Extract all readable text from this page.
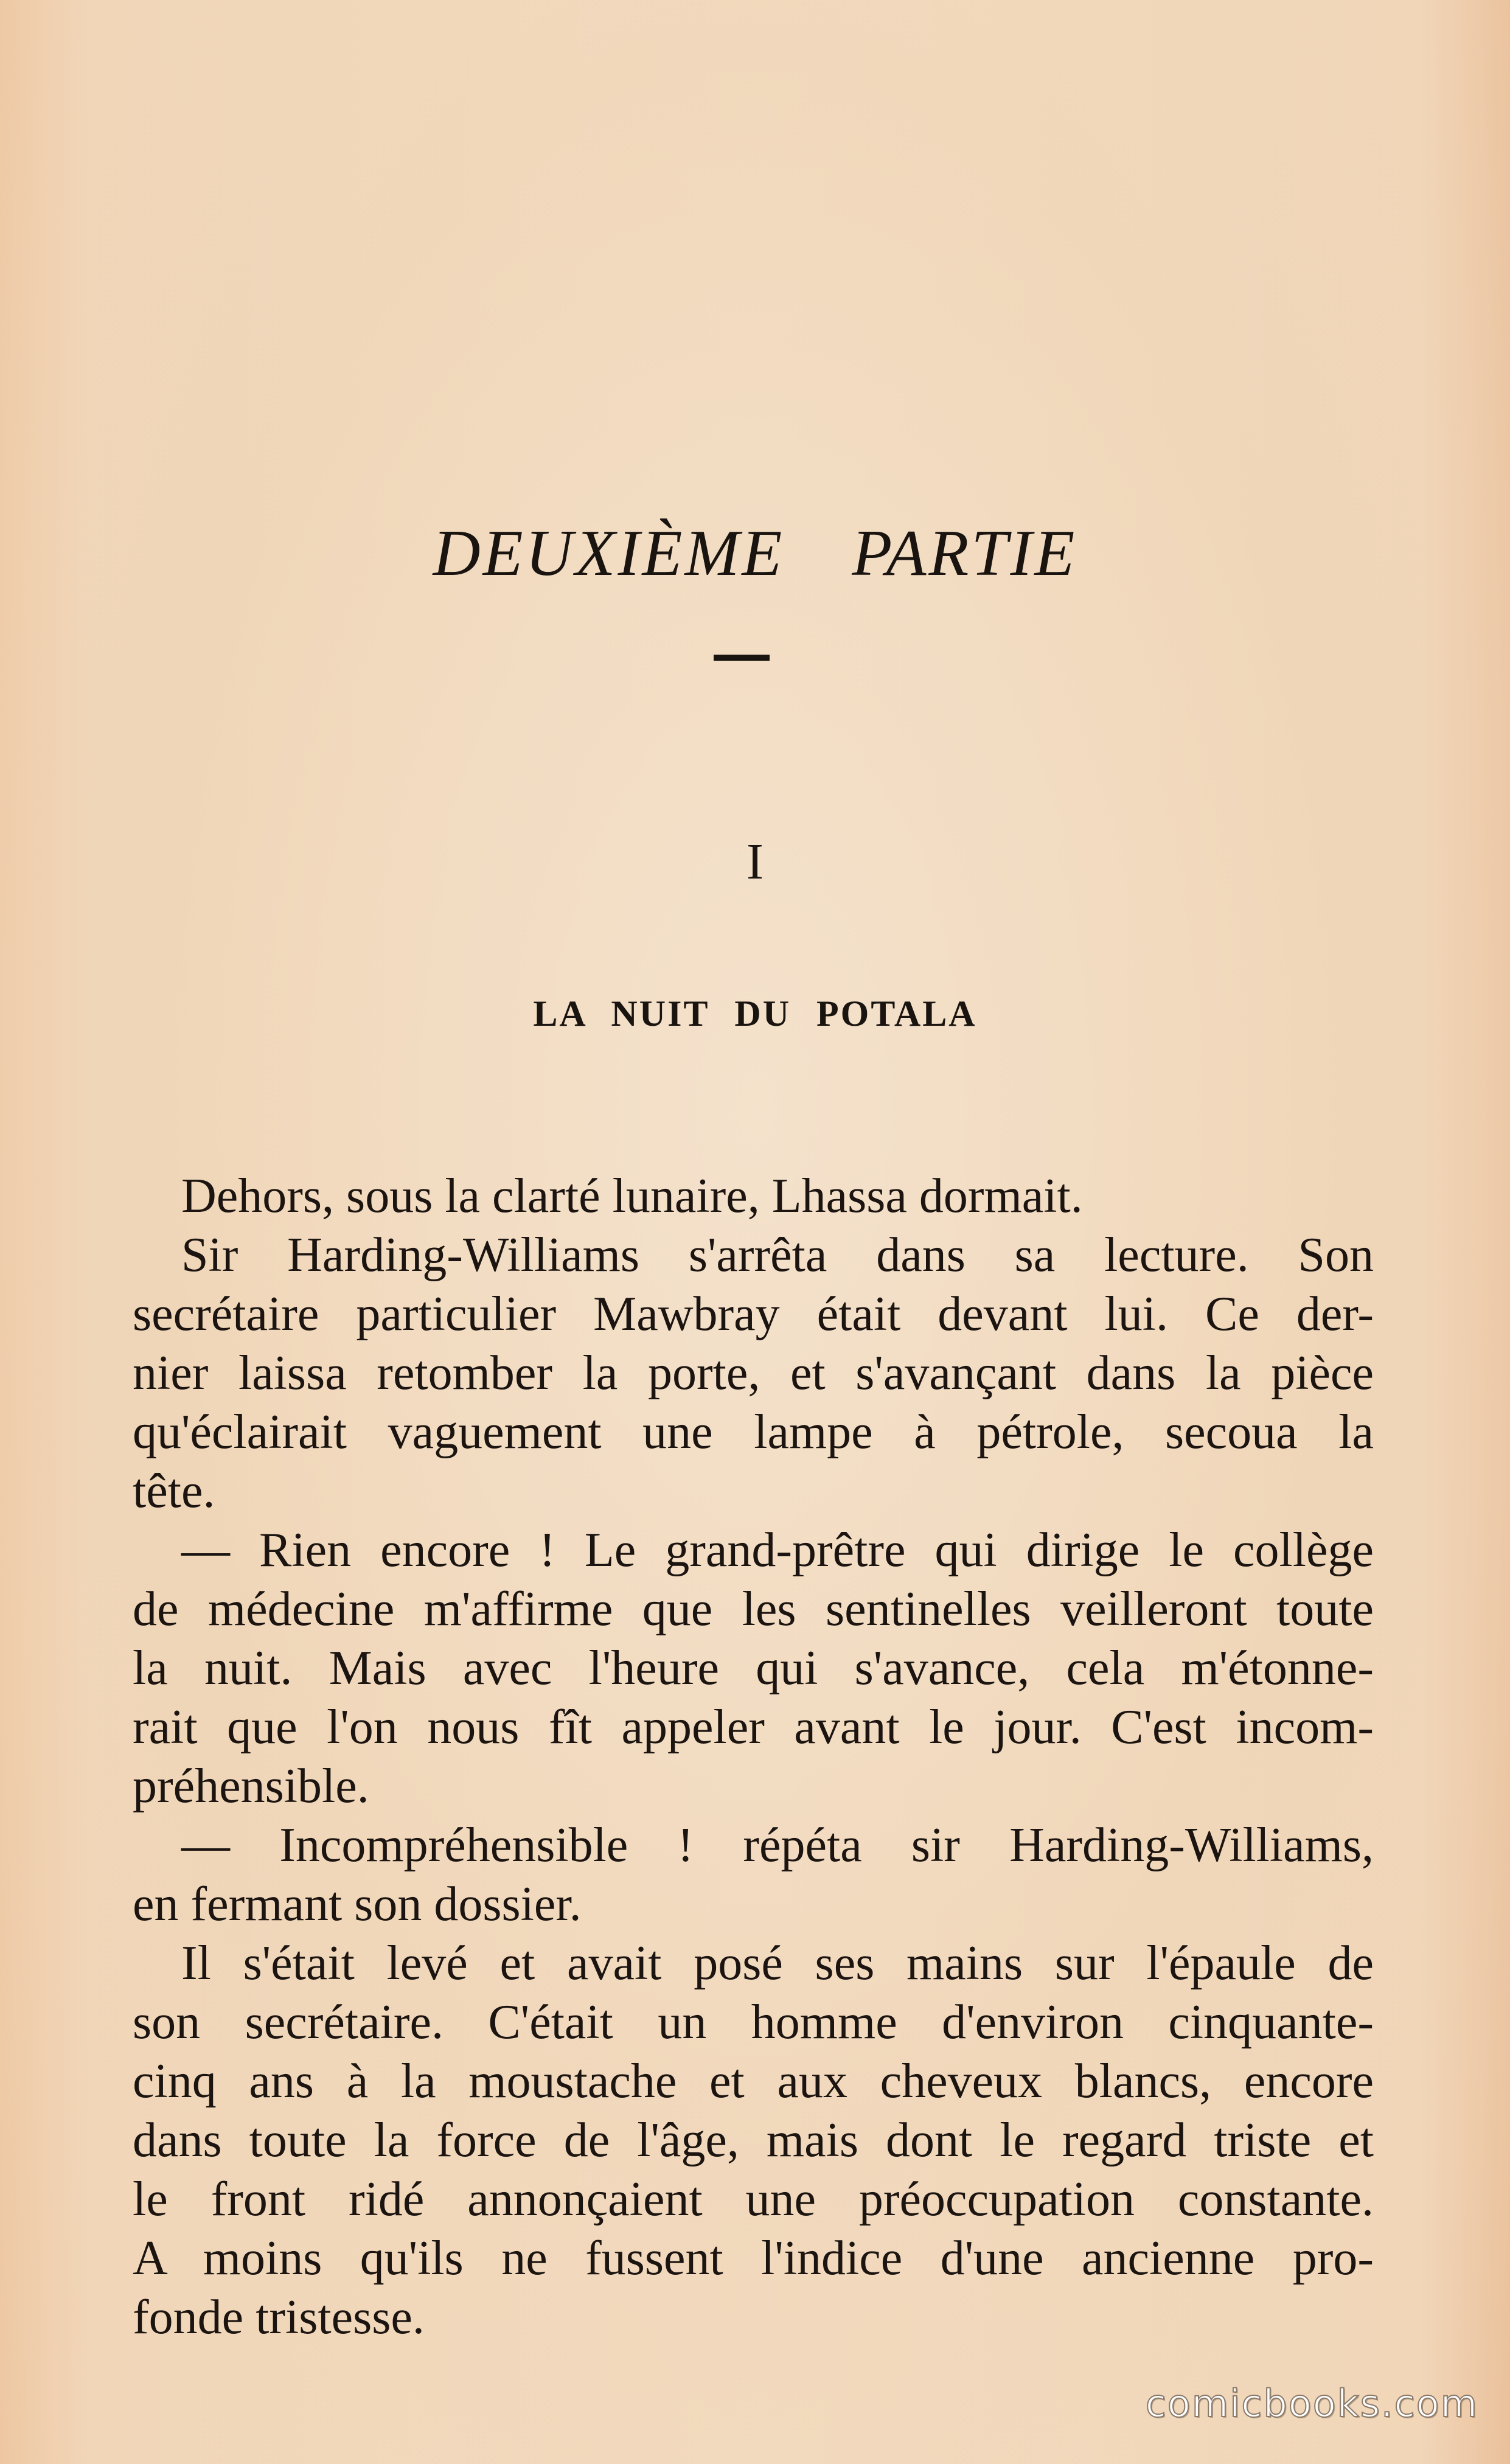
DEUXIÈME PARTIE
I
LA NUIT DU POTALA
Dehors, sous la clarté lunaire, Lhassa dormait.
Sir Harding-Williams s'arrêta dans sa lecture. Son
secrétaire particulier Mawbray était devant lui. Ce der-
nier laissa retomber la porte, et s'avançant dans la pièce
qu'éclairait vaguement une lampe à pétrole, secoua la
tête.
— Rien encore ! Le grand-prêtre qui dirige le collège
de médecine m'affirme que les sentinelles veilleront toute
la nuit. Mais avec l'heure qui s'avance, cela m'étonne-
rait que l'on nous fît appeler avant le jour. C'est incom-
préhensible.
— Incompréhensible ! répéta sir Harding-Williams,
en fermant son dossier.
Il s'était levé et avait posé ses mains sur l'épaule de
son secrétaire. C'était un homme d'environ cinquante-
cinq ans à la moustache et aux cheveux blancs, encore
dans toute la force de l'âge, mais dont le regard triste et
le front ridé annonçaient une préoccupation constante.
A moins qu'ils ne fussent l'indice d'une ancienne pro-
fonde tristesse.
comicbooks.com
